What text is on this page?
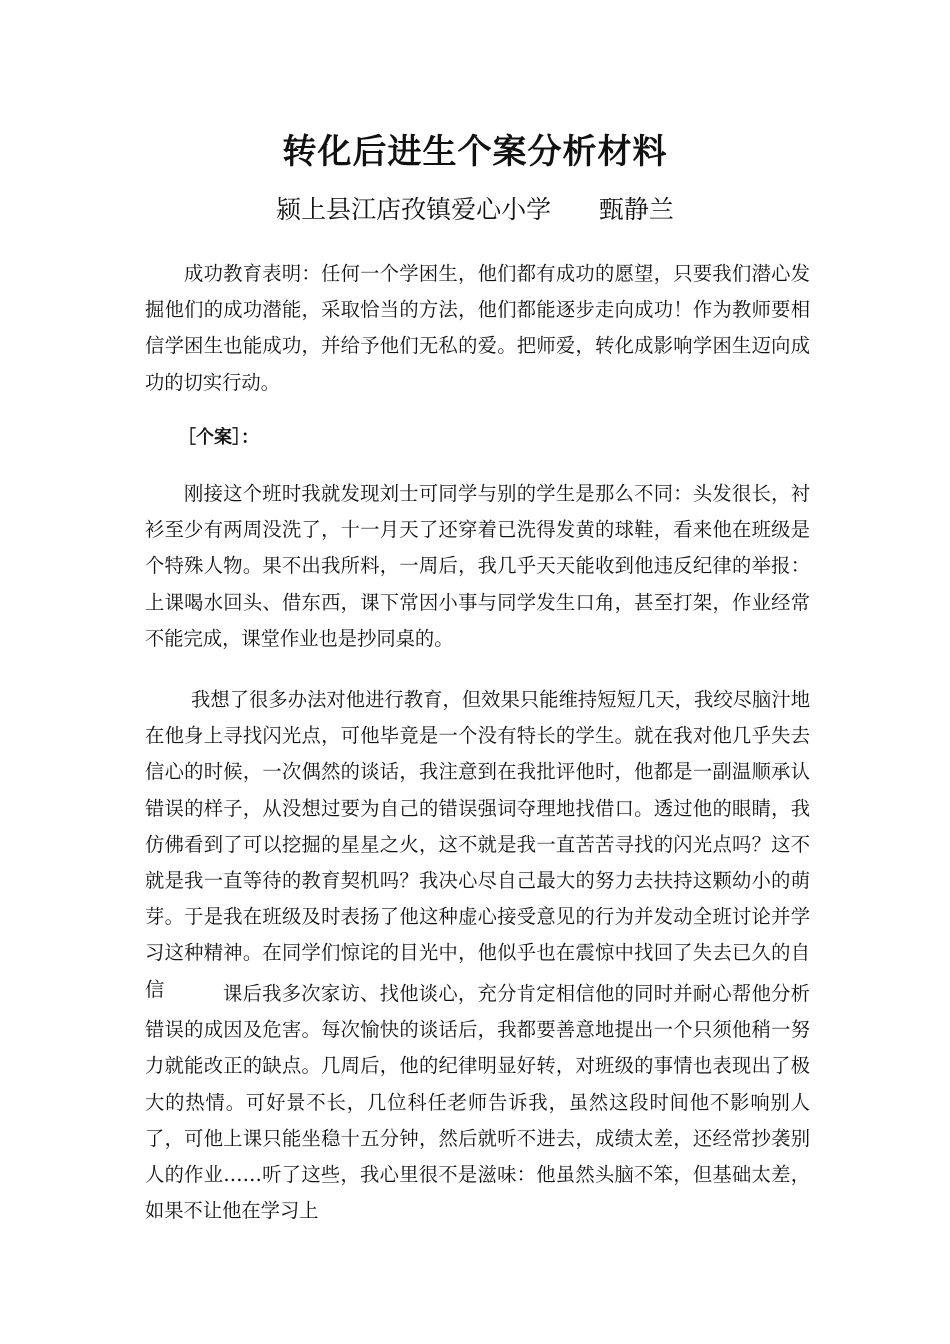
转化后进生个案分析材料

颍上县江店孜镇爱心小学      甄静兰

成功教育表明：任何一个学困生，他们都有成功的愿望，只要我们潜心发掘他们的成功潜能，采取恰当的方法，他们都能逐步走向成功！作为教师要相信学困生也能成功，并给予他们无私的爱。把师爱，转化成影响学困生迈向成功的切实行动。

［个案］：

刚接这个班时我就发现刘士可同学与别的学生是那么不同：头发很长，衬衫至少有两周没洗了，十一月天了还穿着已洗得发黄的球鞋，看来他在班级是个特殊人物。果不出我所料，一周后，我几乎天天能收到他违反纪律的举报：上课喝水回头、借东西，课下常因小事与同学发生口角，甚至打架，作业经常不能完成，课堂作业也是抄同桌的。

我想了很多办法对他进行教育，但效果只能维持短短几天，我绞尽脑汁地在他身上寻找闪光点，可他毕竟是一个没有特长的学生。就在我对他几乎失去信心的时候，一次偶然的谈话，我注意到在我批评他时，他都是一副温顺承认错误的样子，从没想过要为自己的错误强词夺理地找借口。透过他的眼睛，我仿佛看到了可以挖掘的星星之火，这不就是我一直苦苦寻找的闪光点吗？这不就是我一直等待的教育契机吗？我决心尽自己最大的努力去扶持这颗幼小的萌芽。于是我在班级及时表扬了他这种虚心接受意见的行为并发动全班讨论并学习这种精神。在同学们惊诧的目光中，他似乎也在震惊中找回了失去已久的自信	课后我多次家访、找他谈心，充分肯定相信他的同时并耐心帮他分析错误的成因及危害。每次愉快的谈话后，我都要善意地提出一个只须他稍一努力就能改正的缺点。几周后，他的纪律明显好转，对班级的事情也表现出了极大的热情。可好景不长，几位科任老师告诉我，虽然这段时间他不影响别人了，可他上课只能坐稳十五分钟，然后就听不进去，成绩太差，还经常抄袭别人的作业……听了这些，我心里很不是滋味：他虽然头脑不笨，但基础太差，如果不让他在学习上
